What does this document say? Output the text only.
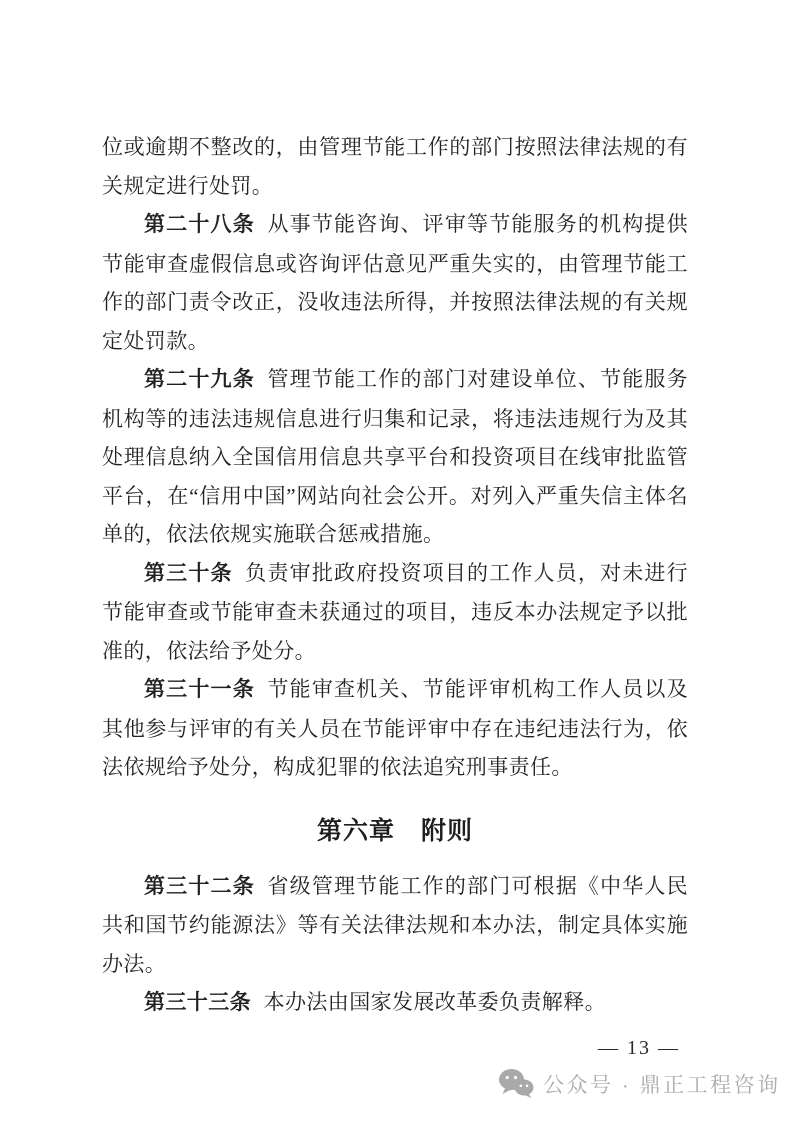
位或逾期不整改的，由管理节能工作的部门按照法律法规的有关规定进行处罚。

第二十八条 从事节能咨询、评审等节能服务的机构提供节能审查虚假信息或咨询评估意见严重失实的，由管理节能工作的部门责令改正，没收违法所得，并按照法律法规的有关规定处罚款。

第二十九条 管理节能工作的部门对建设单位、节能服务机构等的违法违规信息进行归集和记录，将违法违规行为及其处理信息纳入全国信用信息共享平台和投资项目在线审批监管平台，在“信用中国”网站向社会公开。对列入严重失信主体名单的，依法依规实施联合惩戒措施。

第三十条 负责审批政府投资项目的工作人员，对未进行节能审查或节能审查未获通过的项目，违反本办法规定予以批准的，依法给予处分。

第三十一条 节能审查机关、节能评审机构工作人员以及其他参与评审的有关人员在节能评审中存在违纪违法行为，依法依规给予处分，构成犯罪的依法追究刑事责任。

第六章　附则

第三十二条 省级管理节能工作的部门可根据《中华人民共和国节约能源法》等有关法律法规和本办法，制定具体实施办法。

第三十三条 本办法由国家发展改革委负责解释。

— 13 —
公众号 · 鼎正工程咨询
